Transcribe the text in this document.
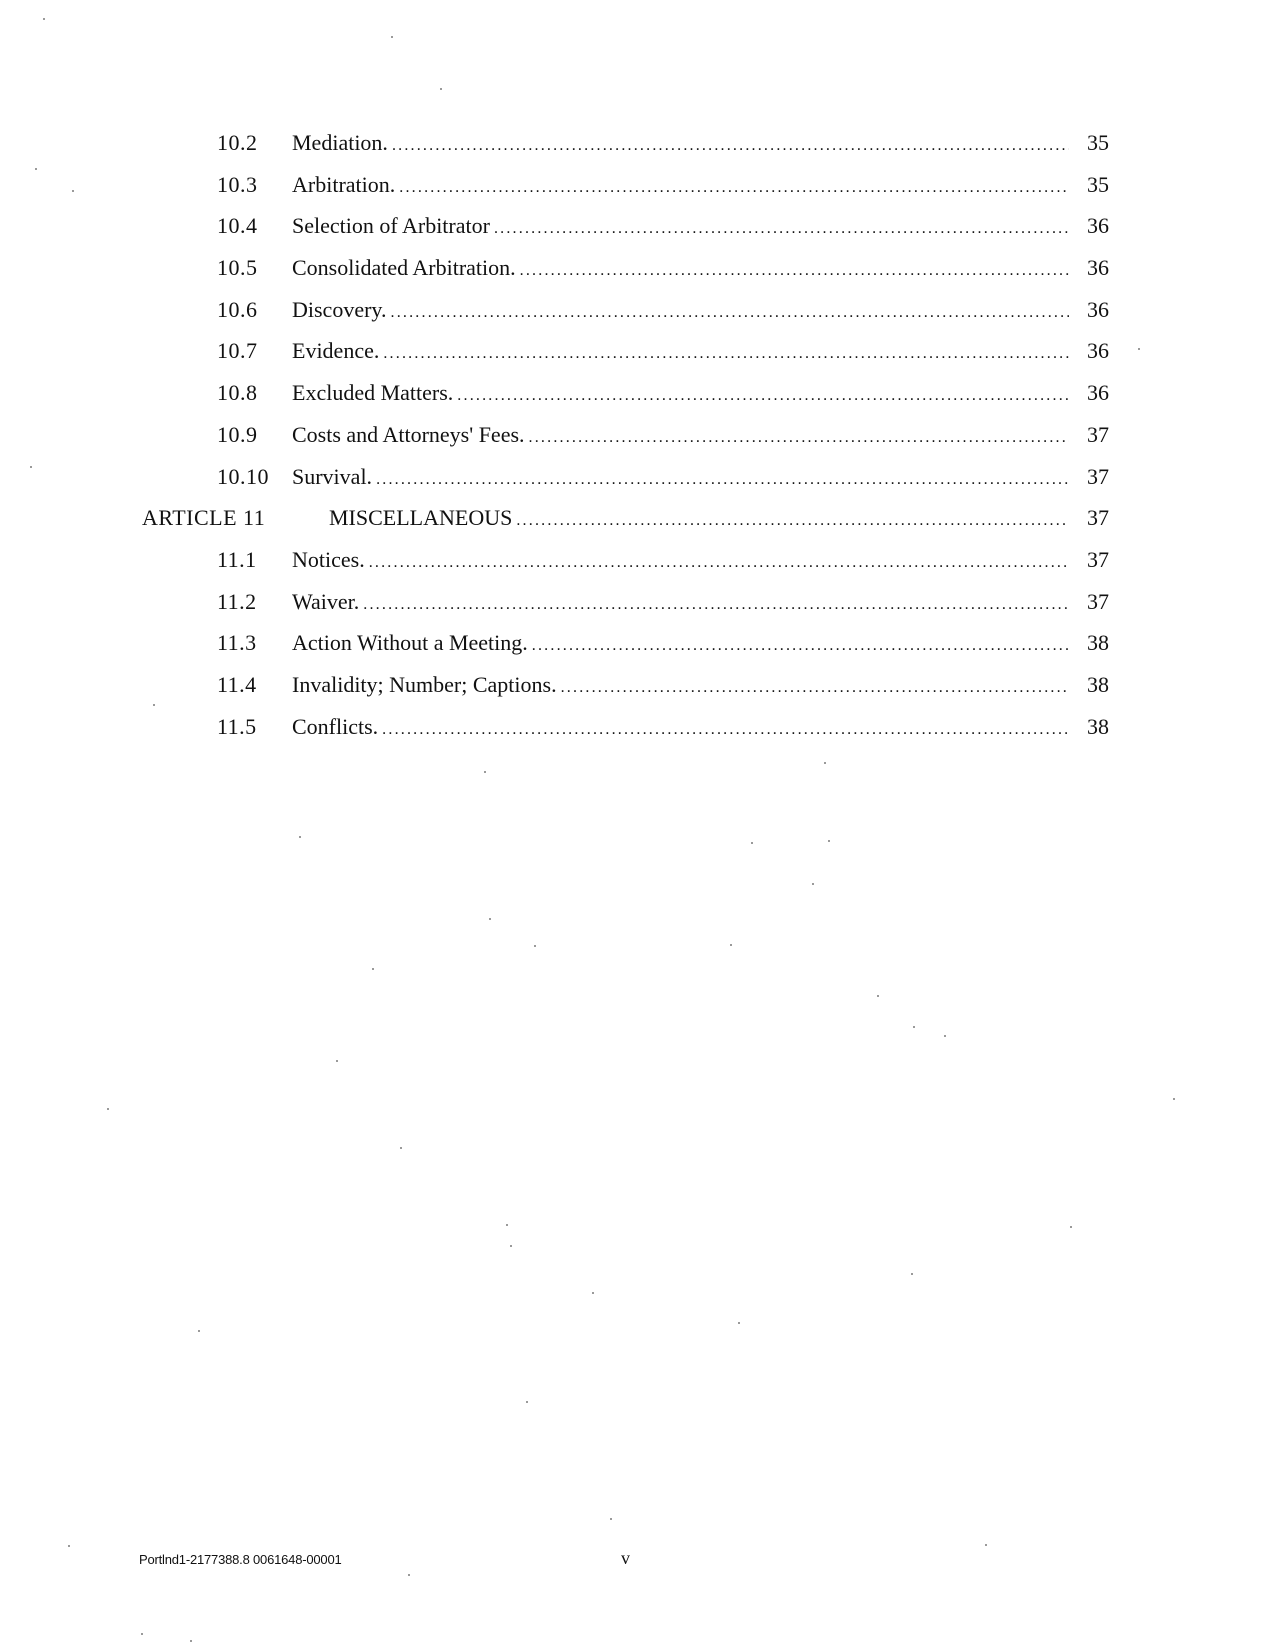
10.2 Mediation. .....	35
10.3 Arbitration. .....	35
10.4 Selection of Arbitrator .....	36
10.5 Consolidated Arbitration. .....	36
10.6 Discovery. .....	36
10.7 Evidence. .....	36
10.8 Excluded Matters. .....	36
10.9 Costs and Attorneys' Fees. .....	37
10.10 Survival. .....	37
ARTICLE 11	MISCELLANEOUS .....	37
11.1 Notices. .....	37
11.2 Waiver. .....	37
11.3 Action Without a Meeting. .....	38
11.4 Invalidity; Number; Captions. .....	38
11.5 Conflicts. .....	38
Portlnd1-2177388.8 0061648-00001	v
